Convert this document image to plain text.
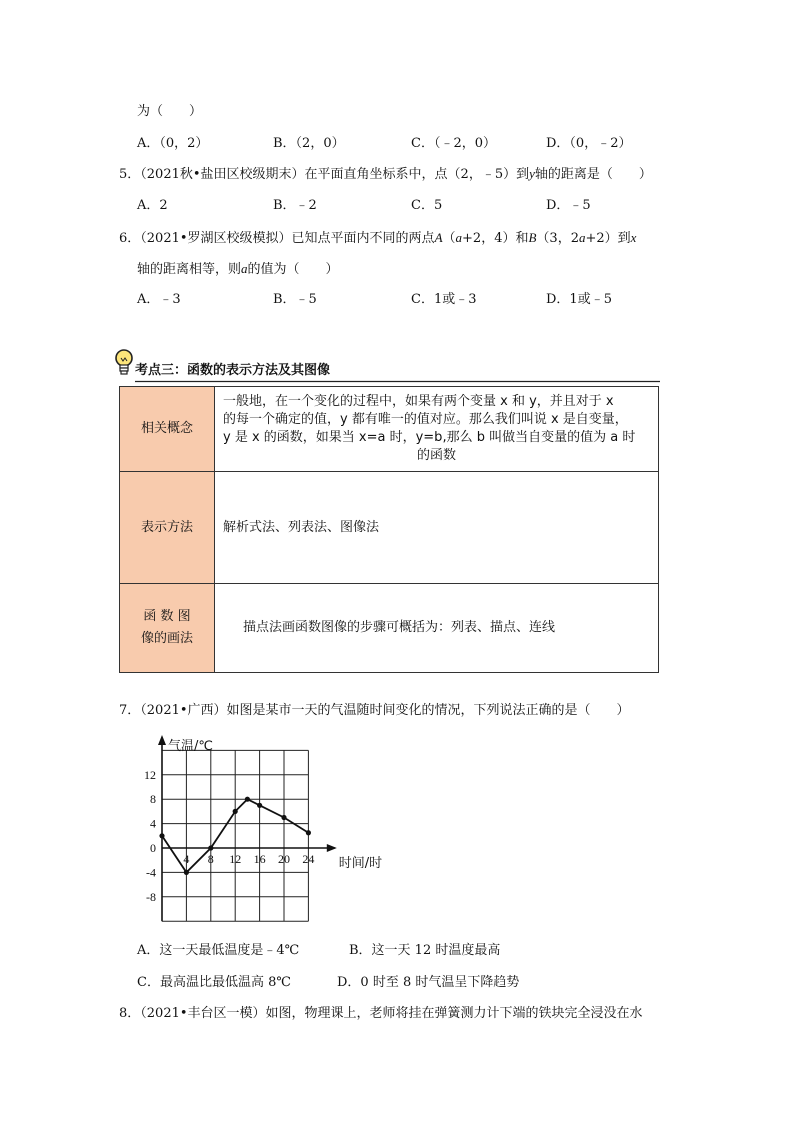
为（　　）
A．（0，2）	B．（2，0）	C．（﹣2，0）	D．（0，﹣2）
5．（2021秋•盐田区校级期末）在平面直角坐标系中，点（2，﹣5）到y轴的距离是（　　）
A．2	B．﹣2	C．5	D．﹣5
6．（2021•罗湖区校级模拟）已知点平面内不同的两点A（a+2，4）和B（3，2a+2）到x
轴的距离相等，则a的值为（　　）
A．﹣3	B．﹣5	C．1或﹣3	D．1或﹣5
考点三：函数的表示方法及其图像
相关概念	一般地，在一个变化的过程中，如果有两个变量 x 和 y，并且对于 x
的每一个确定的值，y 都有唯一的值对应。那么我们叫说 x 是自变量，
y 是 x 的函数，如果当 x=a 时，y=b,那么 b 叫做当自变量的值为 a 时
的函数

表示方法	解析式法、列表法、图像法

函 数 图
像的画法	描点法画函数图像的步骤可概括为：列表、描点、连线
7．（2021•广西）如图是某市一天的气温随时间变化的情况，下列说法正确的是（　　）
气温/℃
时间/时
12
8
4
0
-4
-8
4 8 12 16 20 24
A．这一天最低温度是﹣4℃	B．这一天 12 时温度最高
C．最高温比最低温高 8℃	D．0 时至 8 时气温呈下降趋势
8．（2021•丰台区一模）如图，物理课上，老师将挂在弹簧测力计下端的铁块完全浸没在水
